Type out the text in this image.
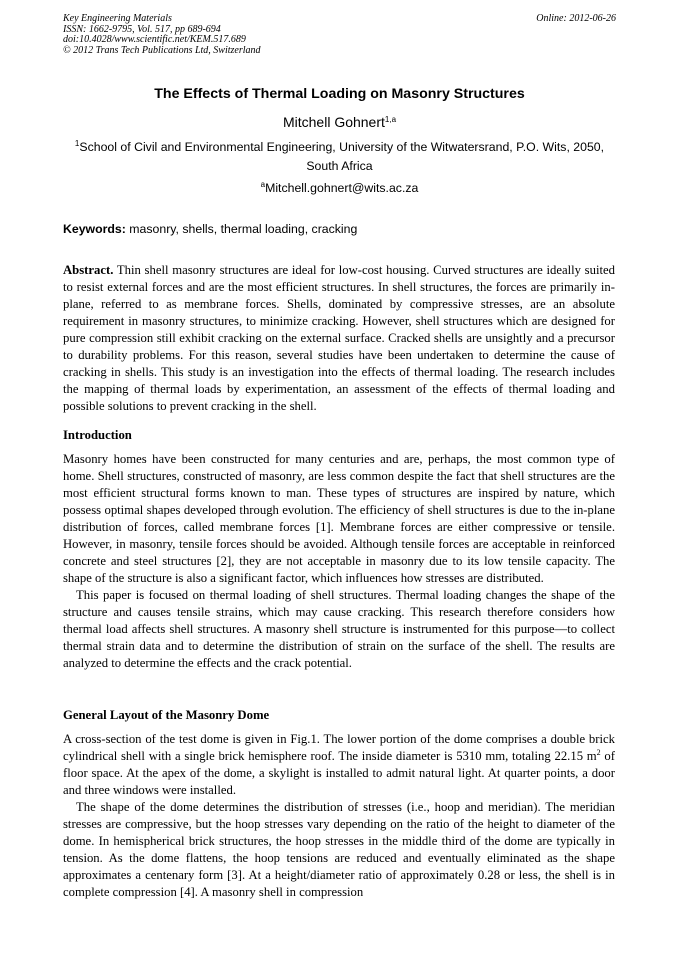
Key Engineering Materials
ISSN: 1662-9795, Vol. 517, pp 689-694
doi:10.4028/www.scientific.net/KEM.517.689
© 2012 Trans Tech Publications Ltd, Switzerland
Online: 2012-06-26
The Effects of Thermal Loading on Masonry Structures
Mitchell Gohnert$^{1,a}$
$^1$School of Civil and Environmental Engineering, University of the Witwatersrand, P.O. Wits, 2050, South Africa
$^a$Mitchell.gohnert@wits.ac.za
Keywords: masonry, shells, thermal loading, cracking

Abstract. Thin shell masonry structures are ideal for low-cost housing. Curved structures are ideally suited to resist external forces and are the most efficient structures. In shell structures, the forces are primarily in-plane, referred to as membrane forces. Shells, dominated by compressive stresses, are an absolute requirement in masonry structures, to minimize cracking. However, shell structures which are designed for pure compression still exhibit cracking on the external surface. Cracked shells are unsightly and a precursor to durability problems. For this reason, several studies have been undertaken to determine the cause of cracking in shells. This study is an investigation into the effects of thermal loading. The research includes the mapping of thermal loads by experimentation, an assessment of the effects of thermal loading and possible solutions to prevent cracking in the shell.

Introduction

Masonry homes have been constructed for many centuries and are, perhaps, the most common type of home. Shell structures, constructed of masonry, are less common despite the fact that shell structures are the most efficient structural forms known to man. These types of structures are inspired by nature, which possess optimal shapes developed through evolution. The efficiency of shell structures is due to the in-plane distribution of forces, called membrane forces [1]. Membrane forces are either compressive or tensile. However, in masonry, tensile forces should be avoided. Although tensile forces are acceptable in reinforced concrete and steel structures [2], they are not acceptable in masonry due to its low tensile capacity. The shape of the structure is also a significant factor, which influences how stresses are distributed.

This paper is focused on thermal loading of shell structures. Thermal loading changes the shape of the structure and causes tensile strains, which may cause cracking. This research therefore considers how thermal load affects shell structures. A masonry shell structure is instrumented for this purpose—to collect thermal strain data and to determine the distribution of strain on the surface of the shell. The results are analyzed to determine the effects and the crack potential.

General Layout of the Masonry Dome

A cross-section of the test dome is given in Fig.1. The lower portion of the dome comprises a double brick cylindrical shell with a single brick hemisphere roof. The inside diameter is 5310 mm, totaling 22.15 $m^2$ of floor space. At the apex of the dome, a skylight is installed to admit natural light. At quarter points, a door and three windows were installed.

The shape of the dome determines the distribution of stresses (i.e., hoop and meridian). The meridian stresses are compressive, but the hoop stresses vary depending on the ratio of the height to diameter of the dome. In hemispherical brick structures, the hoop stresses in the middle third of the dome are typically in tension. As the dome flattens, the hoop tensions are reduced and eventually eliminated as the shape approximates a centenary form [3]. At a height/diameter ratio of approximately 0.28 or less, the shell is in complete compression [4]. A masonry shell in compression
